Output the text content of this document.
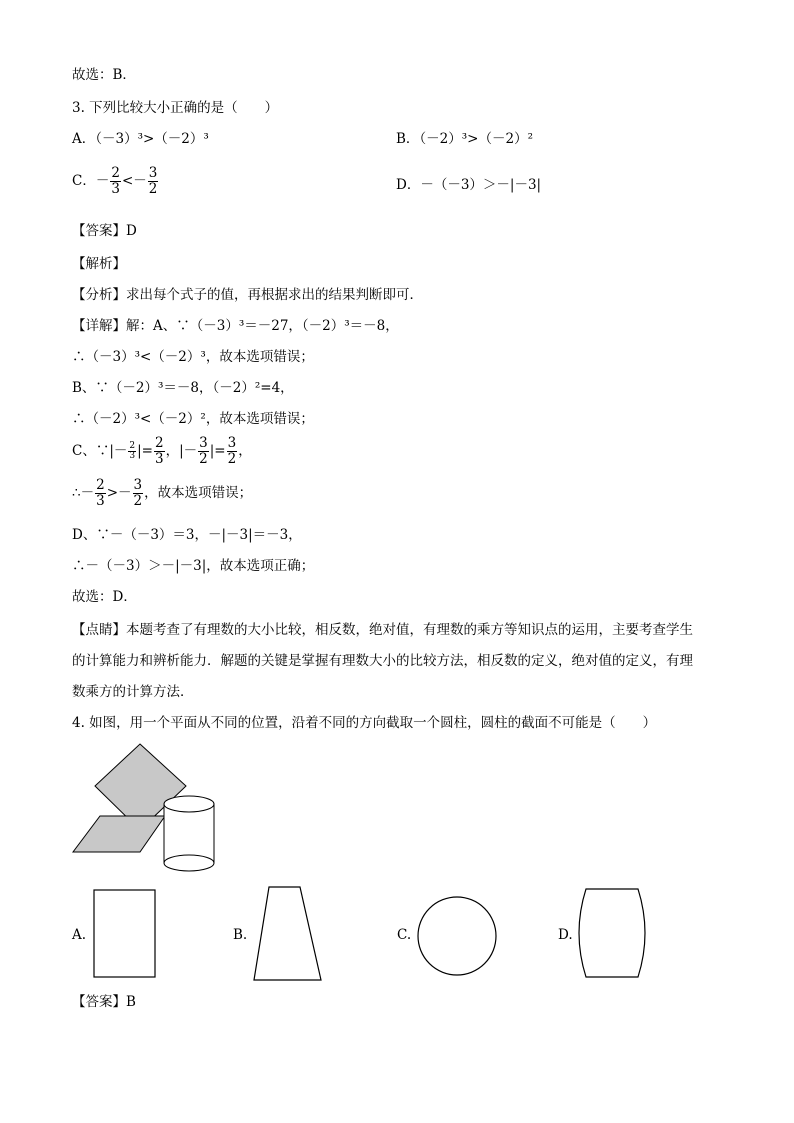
故选：B．
3. 下列比较大小正确的是（　　）
A．（－3）³>（－2）³	B．（－2）³>（－2）²
C．－ $\frac{2}{3} <- \frac{3}{2}$	D．－（－3）＞－|－3|
【答案】D
【解析】
【分析】求出每个式子的值，再根据求出的结果判断即可．
【详解】解：A、∵（－3）³＝－27，（－2）³＝－8，
∴（－3）³<（－2）³，故本选项错误；
B、∵（－2）³＝－8，（－2）²=4，
∴（－2）³<（－2）²，故本选项错误；
C、∵|－ $\frac{2}{3}$ |= $\frac{2}{3}$ ，|－ $\frac{3}{2}$ |= $\frac{3}{2}$ ，
∴－ $\frac{2}{3} >- \frac{3}{2}$ ，故本选项错误；
D、∵－（－3）＝3，－|－3|＝－3，
∴－（－3）＞－|－3|，故本选项正确；
故选：D．
【点睛】本题考查了有理数的大小比较，相反数，绝对值，有理数的乘方等知识点的运用，主要考查学生
的计算能力和辨析能力．解题的关键是掌握有理数大小的比较方法，相反数的定义，绝对值的定义，有理
数乘方的计算方法．
4. 如图，用一个平面从不同的位置，沿着不同的方向截取一个圆柱，圆柱的截面不可能是（　　）
A.	B.	C.	D.
【答案】B
